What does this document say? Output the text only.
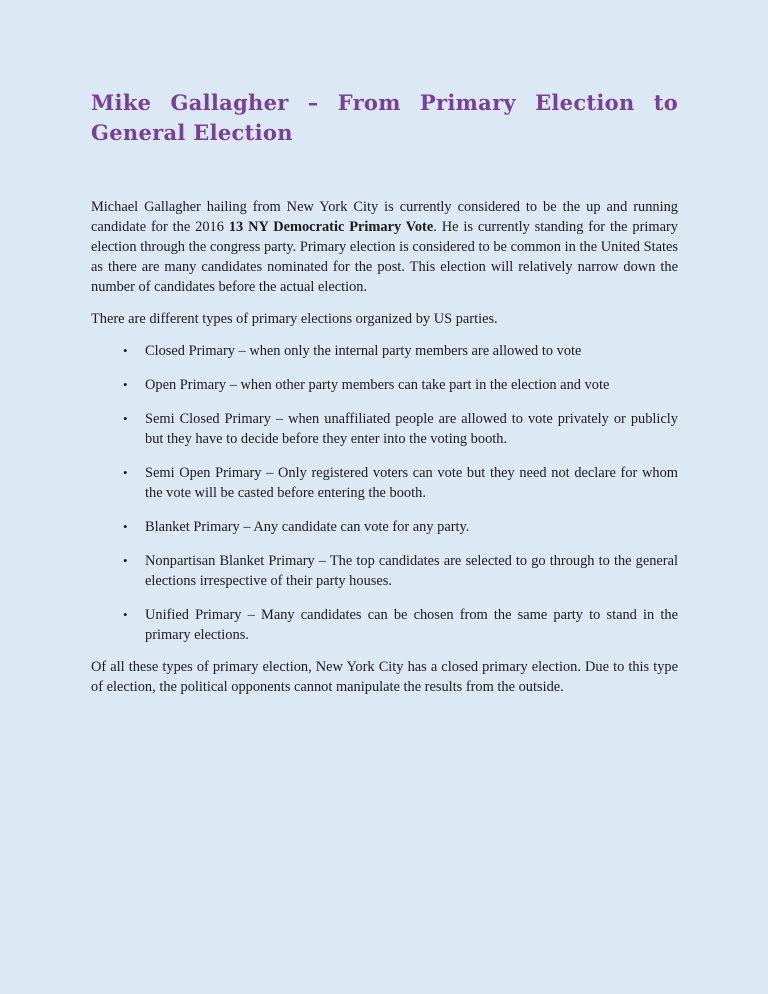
Mike Gallagher – From Primary Election to General Election

Michael Gallagher hailing from New York City is currently considered to be the up and running candidate for the 2016 13 NY Democratic Primary Vote. He is currently standing for the primary election through the congress party. Primary election is considered to be common in the United States as there are many candidates nominated for the post. This election will relatively narrow down the number of candidates before the actual election.

There are different types of primary elections organized by US parties.

• Closed Primary – when only the internal party members are allowed to vote
• Open Primary – when other party members can take part in the election and vote
• Semi Closed Primary – when unaffiliated people are allowed to vote privately or publicly but they have to decide before they enter into the voting booth.
• Semi Open Primary – Only registered voters can vote but they need not declare for whom the vote will be casted before entering the booth.
• Blanket Primary – Any candidate can vote for any party.
• Nonpartisan Blanket Primary – The top candidates are selected to go through to the general elections irrespective of their party houses.
• Unified Primary – Many candidates can be chosen from the same party to stand in the primary elections.

Of all these types of primary election, New York City has a closed primary election. Due to this type of election, the political opponents cannot manipulate the results from the outside.
